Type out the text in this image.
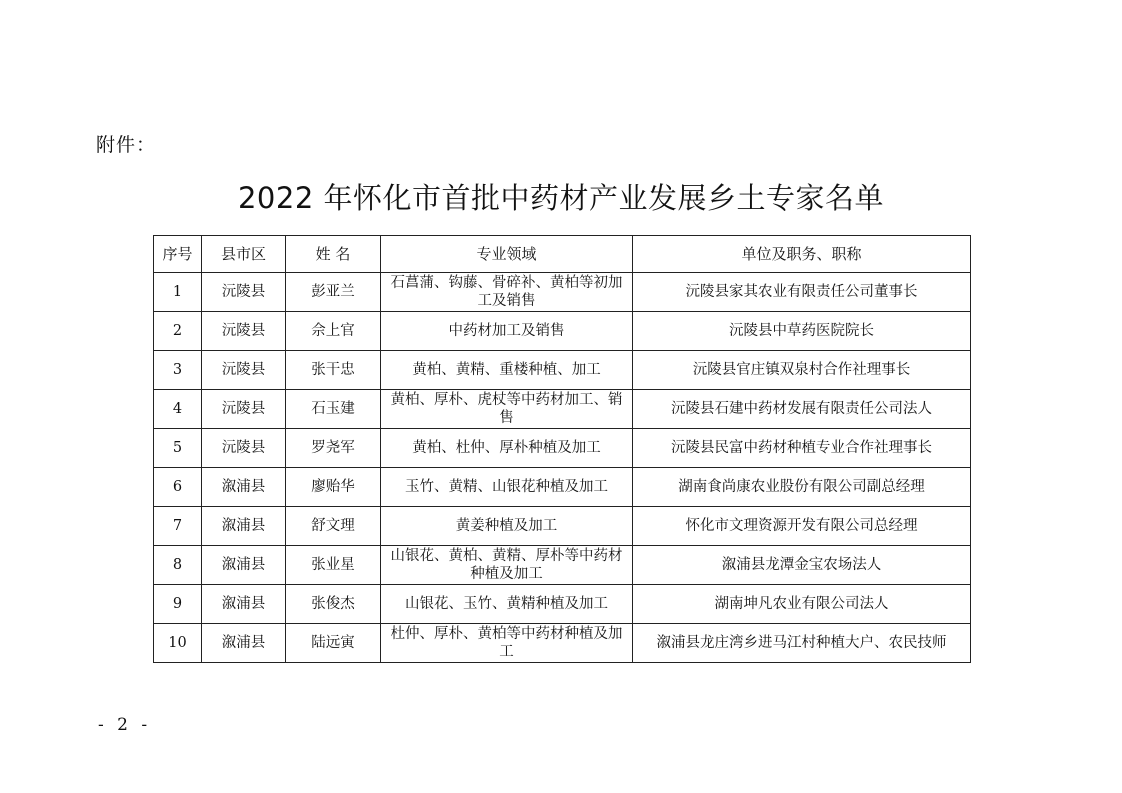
附件：
2022 年怀化市首批中药材产业发展乡土专家名单
序号	县市区	姓 名	专业领域	单位及职务、职称
1	沅陵县	彭亚兰	石菖蒲、钩藤、骨碎补、黄柏等初加工及销售	沅陵县家其农业有限责任公司董事长
2	沅陵县	佘上官	中药材加工及销售	沅陵县中草药医院院长
3	沅陵县	张干忠	黄柏、黄精、重楼种植、加工	沅陵县官庄镇双泉村合作社理事长
4	沅陵县	石玉建	黄柏、厚朴、虎杖等中药材加工、销售	沅陵县石建中药材发展有限责任公司法人
5	沅陵县	罗尧军	黄柏、杜仲、厚朴种植及加工	沅陵县民富中药材种植专业合作社理事长
6	溆浦县	廖贻华	玉竹、黄精、山银花种植及加工	湖南食尚康农业股份有限公司副总经理
7	溆浦县	舒文理	黄姜种植及加工	怀化市文理资源开发有限公司总经理
8	溆浦县	张业星	山银花、黄柏、黄精、厚朴等中药材种植及加工	溆浦县龙潭金宝农场法人
9	溆浦县	张俊杰	山银花、玉竹、黄精种植及加工	湖南坤凡农业有限公司法人
10	溆浦县	陆远寅	杜仲、厚朴、黄柏等中药材种植及加工	溆浦县龙庄湾乡进马江村种植大户、农民技师
- 2 -
